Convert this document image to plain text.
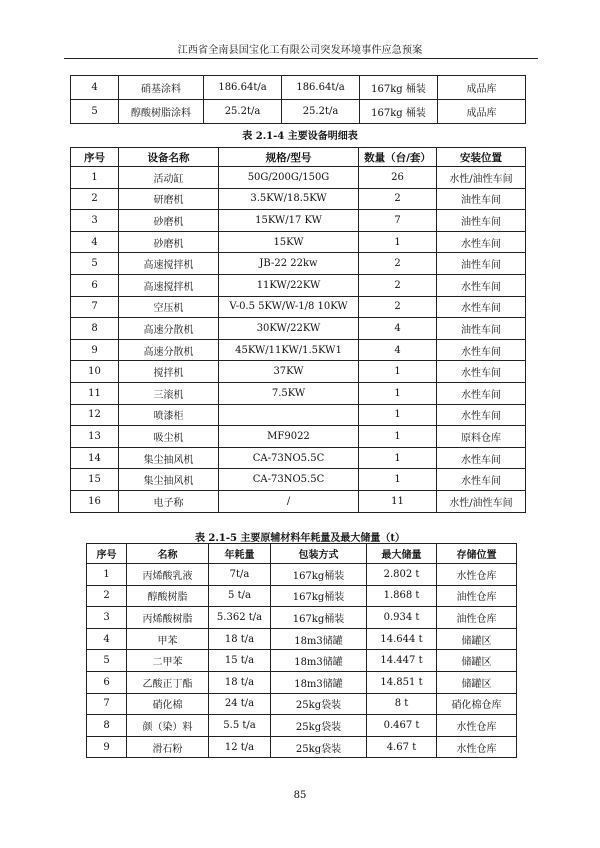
江西省全南县国宝化工有限公司突发环境事件应急预案
4	硝基涂料	186.64t/a	186.64t/a	167kg 桶装	成品库
5	醇酸树脂涂料	25.2t/a	25.2t/a	167kg 桶装	成品库
表 2.1-4 主要设备明细表
序号	设备名称	规格/型号	数量（台/套）	安装位置
1	活动缸	50G/200G/150G	26	水性/油性车间
2	研磨机	3.5KW/18.5KW	2	油性车间
3	砂磨机	15KW/17 KW	7	油性车间
4	砂磨机	15KW	1	水性车间
5	高速搅拌机	JB-22 22kw	2	油性车间
6	高速搅拌机	11KW/22KW	2	水性车间
7	空压机	V-0.5 5KW/W-1/8 10KW	2	水性车间
8	高速分散机	30KW/22KW	4	油性车间
9	高速分散机	45KW/11KW/1.5KW1	4	水性车间
10	搅拌机	37KW	1	水性车间
11	三滚机	7.5KW	1	水性车间
12	喷漆柜		1	水性车间
13	吸尘机	MF9022	1	原料仓库
14	集尘抽风机	CA-73NO5.5C	1	水性车间
15	集尘抽风机	CA-73NO5.5C	1	水性车间
16	电子称	/	11	水性/油性车间
表 2.1-5 主要原辅材料年耗量及最大储量（t）
序号	名称	年耗量	包装方式	最大储量	存储位置
1	丙烯酸乳液	7t/a	167kg桶装	2.802 t	水性仓库
2	醇酸树脂	5 t/a	167kg桶装	1.868 t	油性仓库
3	丙烯酸树脂	5.362 t/a	167kg桶装	0.934 t	油性仓库
4	甲苯	18 t/a	18m3储罐	14.644 t	储罐区
5	二甲苯	15 t/a	18m3储罐	14.447 t	储罐区
6	乙酸正丁酯	18 t/a	18m3储罐	14.851 t	储罐区
7	硝化棉	24 t/a	25kg袋装	8 t	硝化棉仓库
8	颜（染）料	5.5 t/a	25kg袋装	0.467 t	水性仓库
9	滑石粉	12 t/a	25kg袋装	4.67 t	水性仓库
85
